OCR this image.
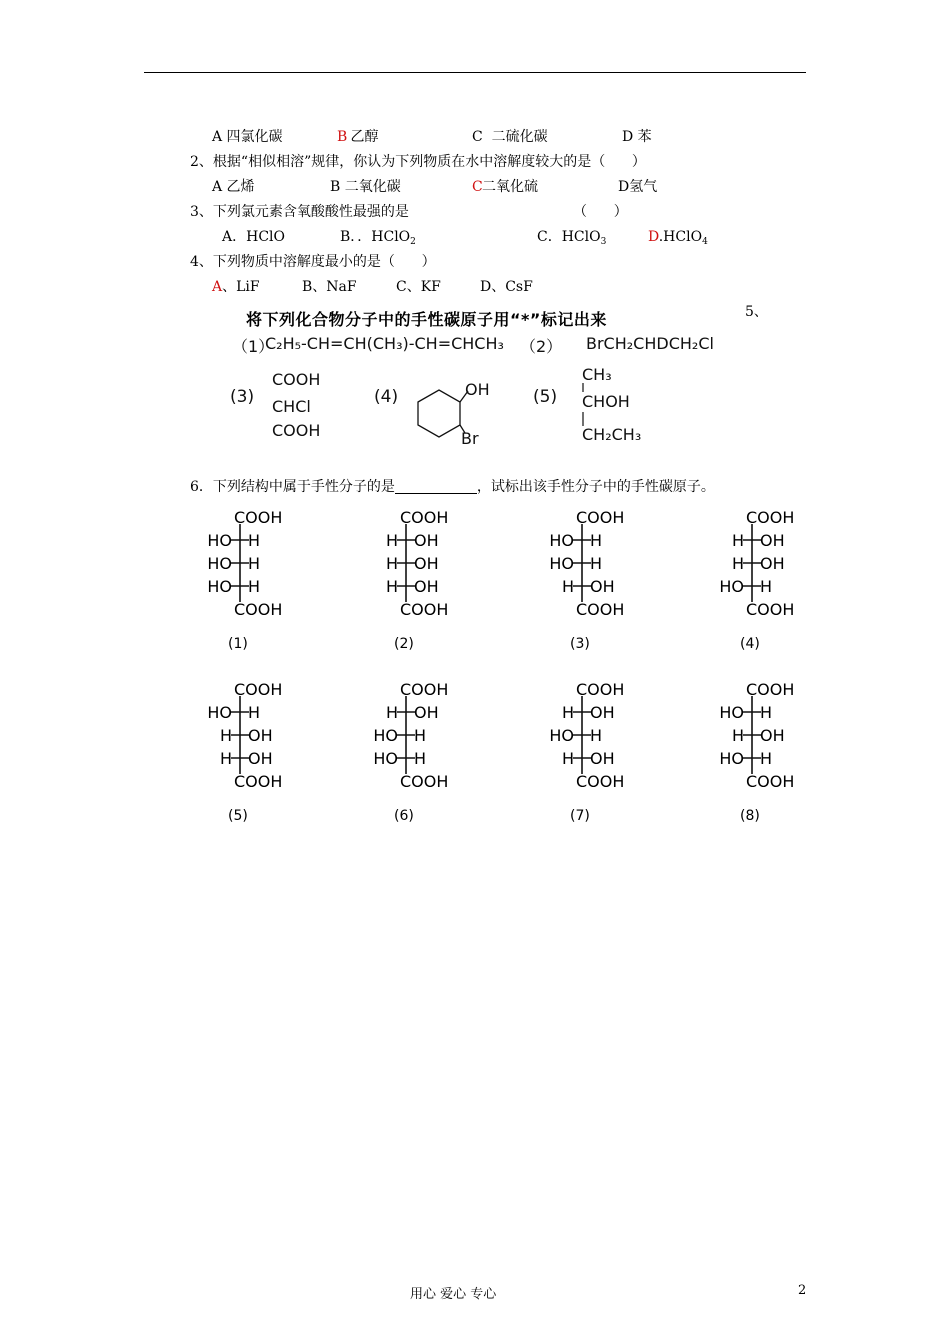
A 四氯化碳	B
乙醇	C  二硫化碳	D 苯
2、根据“相似相溶”规律，你认为下列物质在水中溶解度较大的是（      ）
A 乙烯	B 二氧化碳	C 二氧化硫	D氢气
3、下列氯元素含氧酸酸性最强的是	（      ）
A．HClO	B．．HClO$_2$	C．HClO$_3$	D.HClO$_4$
4、下列物质中溶解度最小的是（      ）
A、LiF	B、NaF	C、KF	D、CsF
5、
将下列化合物分子中的手性碳原子用“*”标记出来
（1）
C₂H₅-CH=CH(CH₃)-CH=CHCH₃ （2） BrCH₂CHDCH₂Cl
(3)
COOH
CHCl
COOH
(4)	OH
Br
(5)
CH₃
CHOH
CH₂CH₃
6．下列结构中属于手性分子的是	，试标出该手性分子中的手性碳原子。
COOH
COOH
HO H
HO H
HO H
(1)
COOH
COOH
H OH
H OH
H OH
(2)
COOH
COOH
HO H
HO H
H OH
(3)
COOH
COOH
H OH
H OH
HO H
(4)
COOH
COOH
HO H
H OH
H OH
(5)
COOH
COOH
H OH
HO H
HO H
(6)
COOH
COOH
H OH
HO H
H OH
(7)
COOH
COOH
HO H
H OH
HO H
(8)
用心 爱心 专心	2
